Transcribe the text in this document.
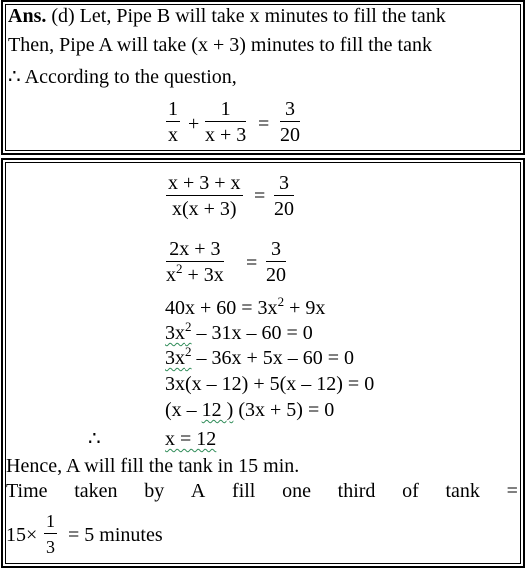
Ans. (d) Let, Pipe B will take x minutes to fill the tank
Then, Pipe A will take (x + 3) minutes to fill the tank
∴ According to the question,
1
x +
1
x + 3 =
3
20
x + 3 + x
x(x + 3)
=
3
20
2x + 3
$x^2 + 3x$
=
3
20
$40x + 60 = 3x^2 + 9x$
$3x^2 - 31x - 60 = 0$
$3x^2 - 36x + 5x - 60 = 0$
3x(x – 12) + 5(x – 12) = 0
(x – 12 ) (3x + 5) = 0
∴	x = 12
Hence, A will fill the tank in 15 min.
Time taken by A fill one third of tank =
15×
1
3
= 5 minutes
